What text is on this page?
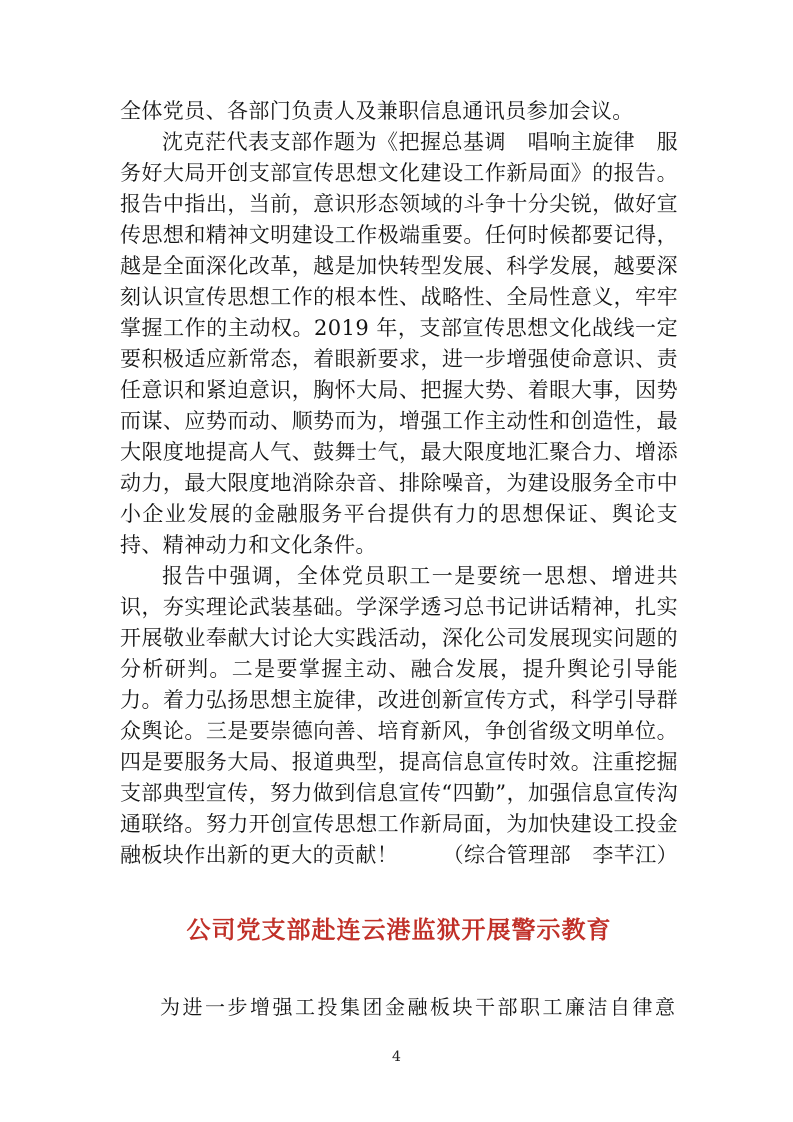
全体党员、各部门负责人及兼职信息通讯员参加会议。

沈克茫代表支部作题为《把握总基调　唱响主旋律　服务好大局开创支部宣传思想文化建设工作新局面》的报告。报告中指出，当前，意识形态领域的斗争十分尖锐，做好宣传思想和精神文明建设工作极端重要。任何时候都要记得，越是全面深化改革，越是加快转型发展、科学发展，越要深刻认识宣传思想工作的根本性、战略性、全局性意义，牢牢掌握工作的主动权。2019 年，支部宣传思想文化战线一定要积极适应新常态，着眼新要求，进一步增强使命意识、责任意识和紧迫意识，胸怀大局、把握大势、着眼大事，因势而谋、应势而动、顺势而为，增强工作主动性和创造性，最大限度地提高人气、鼓舞士气，最大限度地汇聚合力、增添动力，最大限度地消除杂音、排除噪音，为建设服务全市中小企业发展的金融服务平台提供有力的思想保证、舆论支持、精神动力和文化条件。

报告中强调，全体党员职工一是要统一思想、增进共识，夯实理论武装基础。学深学透习总书记讲话精神，扎实开展敬业奉献大讨论大实践活动，深化公司发展现实问题的分析研判。二是要掌握主动、融合发展，提升舆论引导能力。着力弘扬思想主旋律，改进创新宣传方式，科学引导群众舆论。三是要崇德向善、培育新风，争创省级文明单位。四是要服务大局、报道典型，提高信息宣传时效。注重挖掘支部典型宣传，努力做到信息宣传“四勤”，加强信息宣传沟通联络。努力开创宣传思想工作新局面，为加快建设工投金融板块作出新的更大的贡献！	（综合管理部　李芊江）
公司党支部赴连云港监狱开展警示教育

为进一步增强工投集团金融板块干部职工廉洁自律意

4
